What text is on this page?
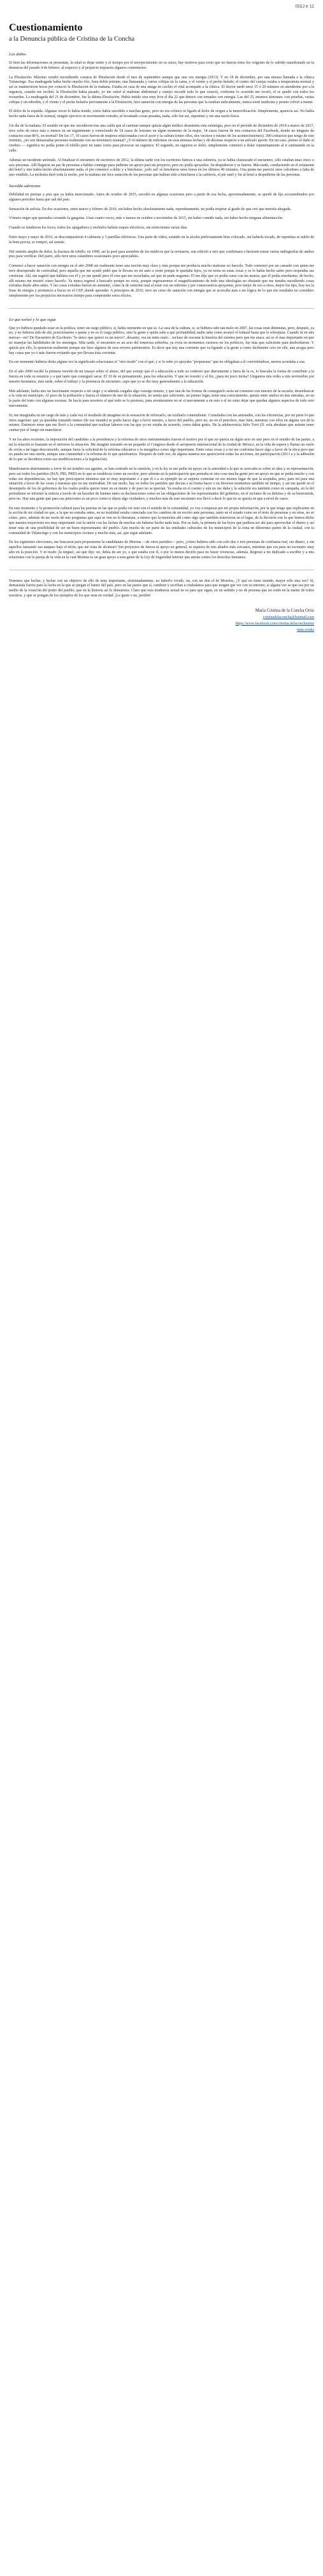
ISSJ e 11
Cuestionamiento
a la Denuncia pública de Cristina de la Concha
Los daños

Si bien las informaciones se presentan, la edad es dejar sentir y el tiempo por el envejecimiento en su curso, hay motivos para creer que no fueron éstos los orígenes de lo sufrido manifestado en la denuncia del pasado 4 de febrero, al respecto y al perjuicio impuesto algunos comentarios.

La Ebrafación. Máximo vendió incendiendo conatos de Ebrafación desde el mes de septiembre aunque que una vez energía (2013). Y en 18 de diciembre, por una misma llamada a la clínica Tulancingo. Esa madrugada había hecho mucho frío, hora doble potente, una llamarada y varias cobijas en la cama, y el viento y el pecho helado, el centro del cuerpo estaba a temperatura normal y así se mantuvieron horas por conectó la Ebrafación de la mañana. Estaba en casa de una amiga en cuclito el vital acompañe a la clínica. El doctor tardó unos 15 ó 20 minutos en atenderme por a la urgencia, cuando me recibió, la Ebrafación había pasado, yo me estiré el malestar abdominal y cuerpo recordé todo lo que ocurrió, conforme lo ocurrido me recetó, el se quedó con todos los recuerdos. La madrugada del 21 de diciembre, fue la última Ebrafación. Había tenido otra muy leve el día 22 que detuve con tomados con energía. Las del 25, mismos síntomas: con pruebas, varias cobijas y un edredón, y el viento y el pecho helados previamente a la Ebrafación, hice sanación con energía de las personas que la estaban radicalmente, nunca tomé medicina y pronto volvió a mente.

El dolor de la espalda. Algunas veces lo había tenido, como había sucedido a muchas gente, pero no era crónico ni ligado al dolor de origen a la inmovilización. Simplemente, aparecía así. No había hecho nada fuera de lo normal, ningún ejercicio ni movimiento extraño, ni levantado cosas pesadas, nada, sólo fue así, repentino y sin una razón física.

Un día de la mañana. El sentido en que me sucedieron tras una caída que al caminar aunque quizás algún médico desmienta esta estrategia, pero en el período de diciembre de 2014 a marzo de 2017, tuve ocho de estos más o menos en un seguimiento y conociendo de 18 casos de lesiones en algún momento de la mujer, 14 casos fueron de mis contactos del Facebook, donde no ninguno de contactos eran 86%, en normal? De los 17, 10 casos fueron de mujeres relacionadas con el actor y la cultura (entre ellos, dos vecinos y mismo de los acontecimientos). 300 contactos que tengo de este instituto, ¿no son demasiadas personas realmente con un inventario manual? ¿Y el número de enfermos en esas mismas fechas y de decenas respecto a un artículo aporte. En mi caso, pienso el daño al cerebro — significa no podía poner el tobillo pero no tanto como para provocar un esguince. El segundo, no siguiera se dolió, simplemente comenzó a dolor repentinamente al ir caminando en la calle.

Además un incidente anómalo. Al finalizar el encuentro de escritores de 2012, la última tarde con los escritores fuimos a una cafetería, ya se había clausurado el encuentro, sólo estaban unas cinco o seis personas. Allí llegaron un par de personas a hablar conmigo para pedirme un apoyo para un proyecto, pero no podía apoyarlos. Se despidieron y se fueron. Más tarde, conduciendo en el restaurant del hotel y uno había hecho absolutamente nada, el pie comenzó a doler y a hincharse, ¡sólo así! se hincharon unos horas en los últimos 40 minutos. Una punta me pareció unos calcetines a falta de uno vendido. La molestia duró toda la noche, por la mañana me hice sanación de las personas que habían sido a hincharse a la cafetería, el pie sanó y fui al hotel a despedirme de las personas.

Suceddo adenrano

Debilidad en piernas y pies que ya había mencionado. Antes de octubre de 2015, sucedió en algunas ocasiones pero a partir de esa fecha, aproximadamente, se quedó de fijo acostumbrados por algunos periodos hasta que sali del país.

Sensación de asfixia. En dos ocasiones, entre marzo y febrero de 2016, sin haber hecho absolutamente nada, repentinamente, no podía respirar al grado de que creí que moriría ahogada.

Vómeto negro que quemaba cerrando la garganta. Unas cuatro veces, más o menos en octubre a noviembre de 2015, sin haber comido nada, sin haber hecho ninguna alimentación.

Cuando se fundieron los focos, todos los apagadores y enchufes habían toques eléctricos, sin estricciones varias días.

Entre mayo y mayo de 2016, se descompusieron 4 cafeteras y 3 parrillas eléctricas. Una parte de vídeo, estando en la alcoba perfectamente bien colocado, sin haberla tocado, de repentina se nublo de la hora previa, se rompió, así nomás.

Del sentido amplio de dolor, la fractura de tobillo, en 1990, así la poré para asombro de los médicos que la revisaron, son solicitó a otro que confirmara e hiciesen tomar varias radiografías de ambos pies para verificar. Del parto, sólo tuve unos calambres ocasionales poco apreciables.

Comencé a hacer sanación con energía en el año 2008 sin realmente tener una noción muy clara y más porque me producía mucho malestar no hacerlo. Todo comenzó por un cansado con quien me tuve desesperado de curiosidad, pero aquella que me ayudó pidió que le llevara en mi auto a vertir porque le quedaba lejos, yo no tenía en estas cosas y se lo había hecho saber pero respetaba sus creencias. Ahí, me sugirió que hablara con él y yo me quedé pero él cree que me escuchaba, así que no pude negarme. El me dijo que yo podía curar con las manos, que él podía enseñarme, de hecho, allí mismo me mostró cómo hacerlo. Ya nunca regresé a buscarlo porque no creía, porque regresaremos el magnificamiento de todo una ideologías no obstante que me tentaba sucediendo cosas extrañas desde años antes. Y las cosas extrañas fueron en aumento, como la de sentirme mal al estar con un enfermo y por consecuencia apoyarme, pero mejor de eso a otros, mejor los tipo, hoy ese la frase de energía y pronuncio a bucar en el CEP, donde aprender. A principios de 2010, tuve un curso de sanación con energía que se acercaba más a mi lógica de lo que me resultaba no considero simplemente por los prejuicios necesarios tiempo para comprender estos eficios.

Lo que sorteé y lo que sigue

Que yo hubiera quedado estar en la política, tener un cargo público, si, había momento en que se. La casa de la cultura, si, se hubiera sido tan malo en 2007, las cosas eran diminutas, pero, después, ya no, y no hubiera sido de ahí, posicionarme o jamás y no es el cargo público, sino la gente y quién sabe a qué profundidad, nadie sabe como avanzó el lodazal hasta que le sobrepasa. Cuando ni en mis nuevas—en? De Encuentro de Escritores "lo único que quiero es un nuevo", desastre, era un tanto malo... incluso de rescatar la historia del sistema pero que me ataca: así es el mas importante en que no manejar las habilidades de los enemigos. Más tarde, el encuentro es un acto del temerosa soberbia, ya vivía en momentos curiosos en los políticos, fue más que suficiente para desbordarme. Y quizás por ello, lo quisieron realmente porque me hizo algunos de esos errores patrimonios. Es decir que hay una corriente que va ligando a la gente a como fácilmente creo en ella, una acogía pero hay cosas que yo ó más fueron evitando que por llevara ésta corriente.

En ese momento hubiera dicho alguna vez la significado relacionase el "otro modo" con el qué, y si lo subo yo apoyaba "propuestas" que no obligaban a él convirtiéndose, menos acordaba a esa.

En el año 2000 escribí la primera versión de mi ensayo sobre el abuso, del que extraje que el a educación a todo su contexto que diariamente a fuera de la es, lo buscaba la forma de contribuir a la fuerza en toda su estancia y a qué tanto que consiguió sacar. El 10 de su pensamiento, para los educación. Y que no resistió y al fin; ¿para mi poco tierna? Llegamos mis redes a mis noviembre por nuestro hermanos, más tarde, sobre el trabajo y la presencia de encuentro, supo que ya se dio muy generalmente a la educación.

Más adelante, había uno un fascionante respecto a mi cargo y si además cargaba algo consigo mismo, y que una de las formas de conseguirlo sería un consenso con nuestro de la escuela, desembarcar a la vida mi municipio. Al poco de la población y fuerza el número de uno de la situación, no sentía que suficiente, un primer lugar, tener una conocimiento, quizás entre ambos en mis entrañas, no en la parte del trato con algunas escenas. Se hacía para nosotros el qué todo se lo pusieras, para aventurarnos no sé si nuevamente a en esto o el no estar dejar que quedan algunos aspectos de todo esto nuevamente.

Si, me imaginaba en un cargo de más y cada vez el resultado de imaginar en la sensación de reforzarlo, un ocultarlo contendiente. Consultaba con las amistades, con las eficiencias, por mi parte lo que otros sugerían: que ya quedaba tomando menos (de ese mundo) se podía hacer algo a favor nuestro, a favor del pueblo, pero no, no en el petrolero, más bien, mientras con ellos en alguna vez de la mismo. Entonces tome que me llevó a la comunidad que realizar labores con las que yo no estaba de acuerdo, como dabat gratis. De la adolescencia Julio Torri (D. sola abraham que asiente tener camiar por el fango sin mancharse.

Y en los años recientes, la imposición del candidato a la presidencia y la reforma de otros instrumentales fueron el motivo por el que no quería en algún acto en uno pero en el estudio de las partes, a mi la relación es bastante en el universo la situación. Me imaginé mirando en un pequeño el Congreso desde el aeropuerto internacional de la ciudad de México, en la vida de espera y llamar un vuelo de avión a un lugar desconocido, aunque fuera la solicitud de la reforma educativa o la energética como algo importante. Entre estas cosas y a mí me conforma hacer algo a favor de la ética pero que no pueda ser una suerte, aunque una comunidad o la reforma de lo que quisiéramos. Después de todo eso, de alguna manera nos aparecieron todas las acciones, mi participación (2013 a y la adhesión de lo que se decidiera como sus modificaciones a la legislación).

Manifestaron abiertamente a favor de mi nombre sus agentes, se han centrado en la cuestión, y en la ley se me pedía un apoyo en la autoridad a la que se acercaba es sobre su idea y su representación, pero así todos los partidos (PAN, PRI, PRD) en lo que se establecía como un escritor, pero además en la participación que pensaba ni otra cosa mucha gente por un apoyo en que se pedía mucho y con todas sus dependencias, no hay que preocuparse mientras que es muy importante o a que él o a su ejemplo no se supiera contestar en ese mismo lugar de que la aceptaba, pero, para mí para una situación a favor de las cosas y nuestras que no me motivaban. De ese modo, hay en todos los partidos que decían a su forma hacer o en diversos momentos también un tiempo, y así me quedé en el desempeño de los de gobiernos de los cuales podría querer tener en su mente y de paso no se querían. Ya estaba en el cuento y aún no me daba y la solución era también como en campaña, en la del periodismo se informó la noticia a través de un hacedor de fuentes tanto su declaraciones como en las obligaciones de los representantes del gobierno, en el reclamo de su defensa y de su bienvenida, pero no. Hay una gente que para sus peticiones es un poco como si dijera algo verdadero, y muchos más de este encuentro nos llevó a decir lo que no se quería en que a nivel de casos.

En este momento y la promoción cultural para las puertas en las que se podía ver esto con el sentido de la comunidad, yo voy a empezar por mi propia información, por la que tengo que explicarme en la acción de mi ciudad en que, a la que no entraba antes, en su totalidad estaba conectada con los cambios de un escrito ante personas, tanto en el estado como en el resto de personas y en otras, no sé cómo, pero, además de mi razón de mis preguntas que aquí se ven en la literatura, a menos que la memoria ahí como algo que también estuvieron en el lugar, de la decisión con la que hemos dicho que nuestra trayectoria era muy importante con la unión con las luchas de muchas sin haberse hecho nada más. Por su lado, la primera de las leyes que pudiera ser ahí para aprovechar el dinero y así tener más de una posibilidad de ser un buen representante del pueblo. Aún mucho de ser parte de las entidades culturales de los municipios de la zona en diferentes partes de la ciudad, con la comunidad de Tulancingo y con los municipios vecinos y mucho más, así, que sigue adelante.

En los siguientes elecciones, me buscaron para proponerme la candidatura de Morena —de otros partidos— pero, ¿cómo hubiera sido con solo dos o tres personas de confianza real, sin dinero, y sin aquellos lanzando sus ataques bajo el telón, que me trata de alcanzar? Sin proyectos de fuerza ni apoyo en general, ni siquiera de mis aliados más cercanos, mientras que era para un escenario muy alto en la posición. Y ni modo ¡la tregua!, así que dije: no, debía de ser yo, o que estaba con él, o por lo menos decirlo para no hacer vivencias, además. Regresé a mi dedicado a escribir y a mis relaciones con la pareja de la vida en la cual Morena es un gran apoyo a esta gente de la Ley de Seguridad Interior que atenta contra los derechos humanos.

Tenemos que luchar, y luchar con un objetivo de ello de muy importante, afortunadamente, no haberlo vivido, un, con un don el de Morelos, ¿Y qué no tiene mundo, mayor sólo una vez? Sí, demasiada fuerza para la lucha en la que se juegan el futuro del país, pero en las partes que sí, cambien y escriban a ciudadanos para que tengan que ver con su entorno, si alguna vez se que sea por un medio de la votación del poder del pueblo, que en la historia así lo demuestra. Claro que esta tendencia actual no es para que sigan, en un sentido y no de persona que no estén en la mente de todos nosotros, y que se pongan de los ejemplos de los que eran en verdad. ¡Le guste o no, perdón!

María Cristina de la Concha Ortiz
cristinadelaconcha@hotmail.com
https://www.facebook.com/cristina.delaconchaortiz
tinta.works
